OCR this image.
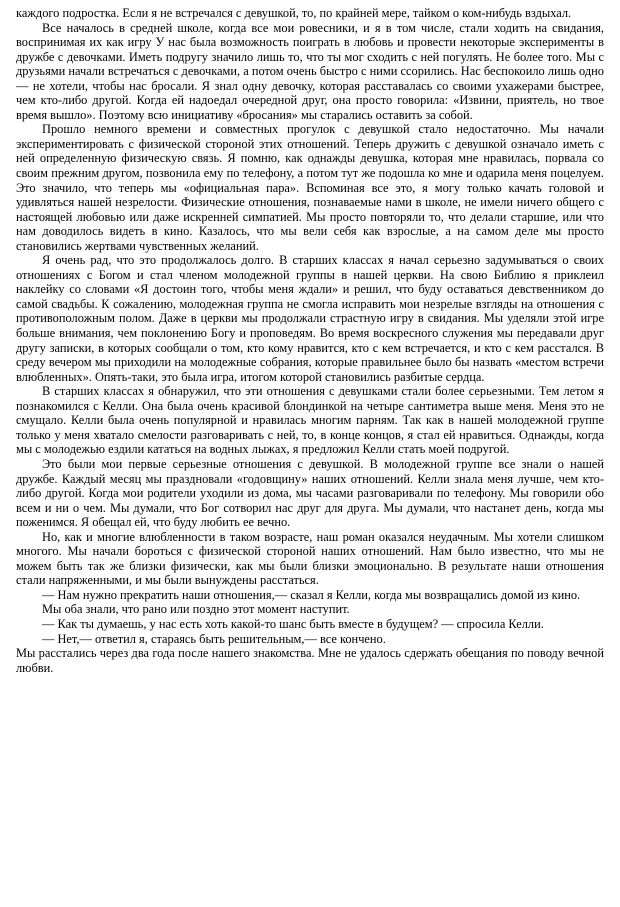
каждого подростка. Если я не встречался с девушкой, то, по крайней мере, тайком о ком-нибудь вздыхал.

Все началось в средней школе, когда все мои ровесники, и я в том числе, стали ходить на свидания, воспринимая их как игру У нас была возможность поиграть в любовь и провести некоторые эксперименты в дружбе с девочками. Иметь подругу значило лишь то, что ты мог сходить с ней погулять. Не более того. Мы с друзьями начали встречаться с девочками, а потом очень быстро с ними ссорились. Нас беспокоило лишь одно — не хотели, чтобы нас бросали. Я знал одну девочку, которая расставалась со своими ухажерами быстрее, чем кто-либо другой. Когда ей надоедал очередной друг, она просто говорила: «Извини, приятель, но твое время вышло». Поэтому всю инициативу «бросания» мы старались оставить за собой.

Прошло немного времени и совместных прогулок с девушкой стало недостаточно. Мы начали экспериментировать с физической стороной этих отношений. Теперь дружить с девушкой означало иметь с ней определенную физическую связь. Я помню, как однажды девушка, которая мне нравилась, порвала со своим прежним другом, позвонила ему по телефону, а потом тут же подошла ко мне и одарила меня поцелуем. Это значило, что теперь мы «официальная пара». Вспоминая все это, я могу только качать головой и удивляться нашей незрелости. Физические отношения, познаваемые нами в школе, не имели ничего общего с настоящей любовью или даже искренней симпатией. Мы просто повторяли то, что делали старшие, или что нам доводилось видеть в кино. Казалось, что мы вели себя как взрослые, а на самом деле мы просто становились жертвами чувственных желаний.

Я очень рад, что это продолжалось долго. В старших классах я начал серьезно задумываться о своих отношениях с Богом и стал членом молодежной группы в нашей церкви. На свою Библию я приклеил наклейку со словами «Я достоин того, чтобы меня ждали» и решил, что буду оставаться девственником до самой свадьбы. К сожалению, молодежная группа не смогла исправить мои незрелые взгляды на отношения с противоположным полом. Даже в церкви мы продолжали страстную игру в свидания. Мы уделяли этой игре больше внимания, чем поклонению Богу и проповедям. Во время воскресного служения мы передавали друг другу записки, в которых сообщали о том, кто кому нравится, кто с кем встречается, и кто с кем расстался. В среду вечером мы приходили на молодежные собрания, которые правильнее было бы назвать «местом встречи влюбленных». Опять-таки, это была игра, итогом которой становились разбитые сердца.

В старших классах я обнаружил, что эти отношения с девушками стали более серьезными. Тем летом я познакомился с Келли. Она была очень красивой блондинкой на четыре сантиметра выше меня. Меня это не смущало. Келли была очень популярной и нравилась многим парням. Так как в нашей молодежной группе только у меня хватало смелости разговаривать с ней, то, в конце концов, я стал ей нравиться. Однажды, когда мы с молодежью ездили кататься на водных лыжах, я предложил Келли стать моей подругой.

Это были мои первые серьезные отношения с девушкой. В молодежной группе все знали о нашей дружбе. Каждый месяц мы праздновали «годовщину» наших отношений. Келли знала меня лучше, чем кто-либо другой. Когда мои родители уходили из дома, мы часами разговаривали по телефону. Мы говорили обо всем и ни о чем. Мы думали, что Бог сотворил нас друг для друга. Мы думали, что настанет день, когда мы поженимся. Я обещал ей, что буду любить ее вечно.

Но, как и многие влюбленности в таком возрасте, наш роман оказался неудачным. Мы хотели слишком многого. Мы начали бороться с физической стороной наших отношений. Нам было известно, что мы не можем быть так же близки физически, как мы были близки эмоционально. В результате наши отношения стали напряженными, и мы были вынуждены расстаться.

— Нам нужно прекратить наши отношения,— сказал я Келли, когда мы возвращались домой из кино.

Мы оба знали, что рано или поздно этот момент наступит.

— Как ты думаешь, у нас есть хоть какой-то шанс быть вместе в будущем? — спросила Келли.

— Нет,— ответил я, стараясь быть решительным,— все кончено.

Мы расстались через два года после нашего знакомства. Мне не удалось сдержать обещания по поводу вечной любви.
